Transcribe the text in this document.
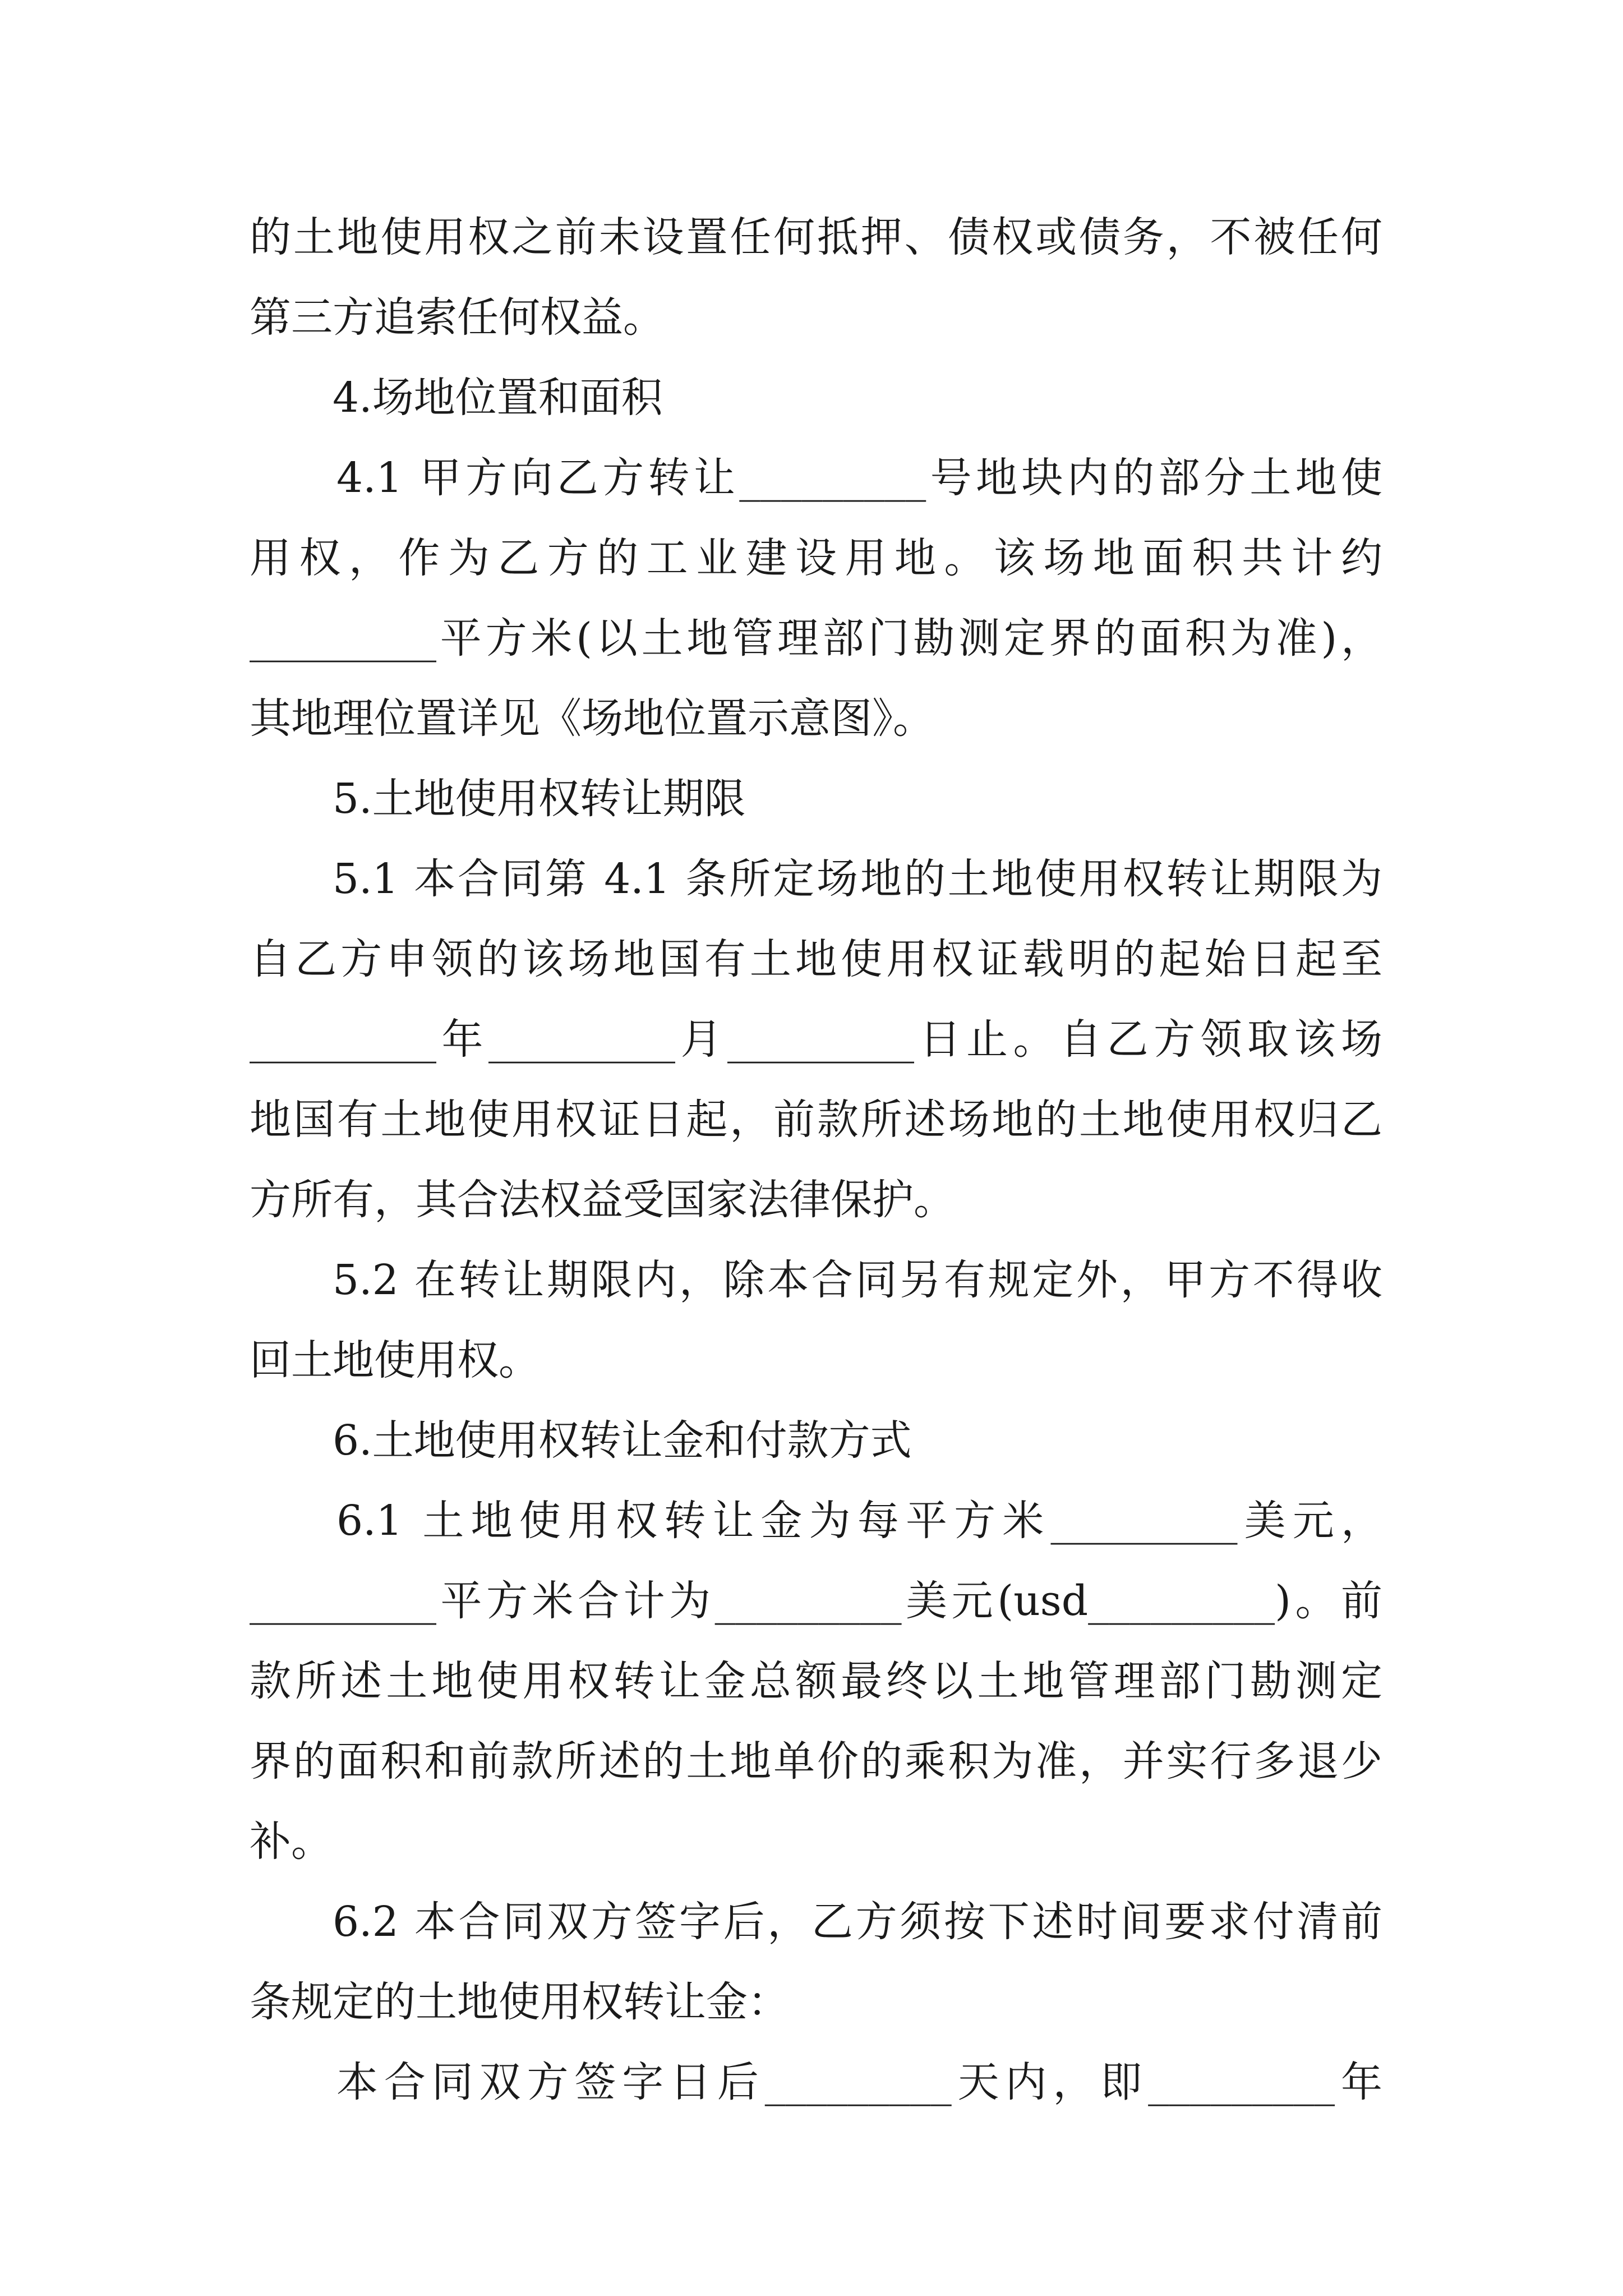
的土地使用权之前未设置任何抵押、债权或债务，不被任何
第三方追索任何权益。
4.场地位置和面积
4.1 甲方向乙方转让_________号地块内的部分土地使
用权，作为乙方的工业建设用地。该场地面积共计约
_________平方米(以土地管理部门勘测定界的面积为准)，
其地理位置详见《场地位置示意图》。
5.土地使用权转让期限
5.1 本合同第 4.1 条所定场地的土地使用权转让期限为
自乙方申领的该场地国有土地使用权证载明的起始日起至
_________年_________月_________日止。自乙方领取该场
地国有土地使用权证日起，前款所述场地的土地使用权归乙
方所有，其合法权益受国家法律保护。
5.2 在转让期限内，除本合同另有规定外，甲方不得收
回土地使用权。
6.土地使用权转让金和付款方式
6.1 土地使用权转让金为每平方米_________美元，
_________平方米合计为_________美元(usd_________)。前
款所述土地使用权转让金总额最终以土地管理部门勘测定
界的面积和前款所述的土地单价的乘积为准，并实行多退少
补。
6.2 本合同双方签字后，乙方须按下述时间要求付清前
条规定的土地使用权转让金：
本合同双方签字日后_________天内，即_________年
